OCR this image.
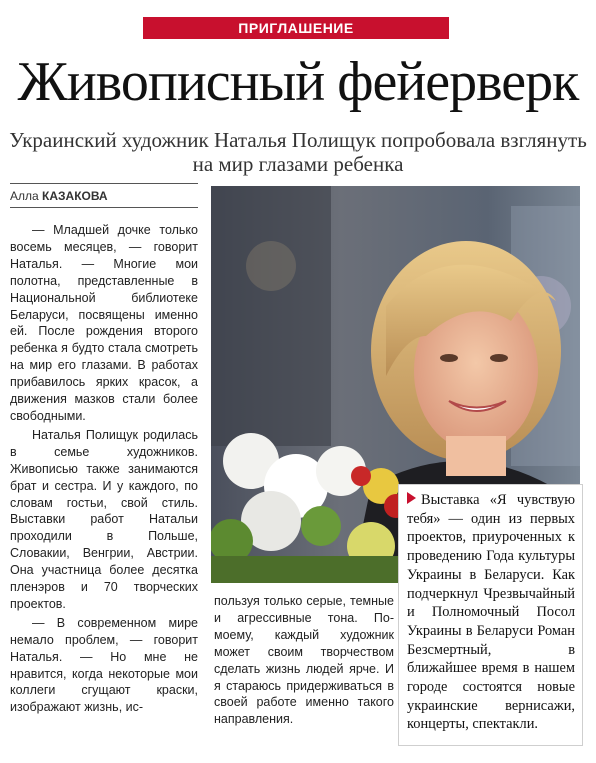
ПРИГЛАШЕНИЕ
Живописный фейерверк
Украинский художник Наталья Полищук попробовала взглянуть
на мир глазами ребенка
Алла КАЗАКОВА

— Младшей дочке только восемь месяцев, — говорит Наталья. — Многие мои полотна, представленные в Национальной библиотеке Беларуси, посвящены именно ей. После рождения второго ребенка я будто стала смотреть на мир его глазами. В работах прибавилось ярких красок, а движения мазков стали более свободными.

Наталья Полищук родилась в семье художников. Живописью также занимаются брат и сестра. И у каждого, по словам гостьи, свой стиль. Выставки работ Натальи проходили в Польше, Словакии, Венгрии, Австрии. Она участница более десятка пленэров и 70 творческих проектов.

— В современном мире немало проблем, — говорит Наталья. — Но мне не нравится, когда некоторые мои коллеги сгущают краски, изображают жизнь, ис-

пользуя только серые, темные и агрессивные тона. По-моему, каждый художник может своим творчеством сделать жизнь людей ярче. И я стараюсь придерживаться в своей работе именно такого направления.

Выставка «Я чувствую тебя» — один из первых проектов, приуроченных к проведению Года культуры Украины в Беларуси. Как подчеркнул Чрезвычайный и Полномочный Посол Украины в Беларуси Роман Безсмертный, в ближайшее время в нашем городе состоятся новые украинские вернисажи, концерты, спектакли.
